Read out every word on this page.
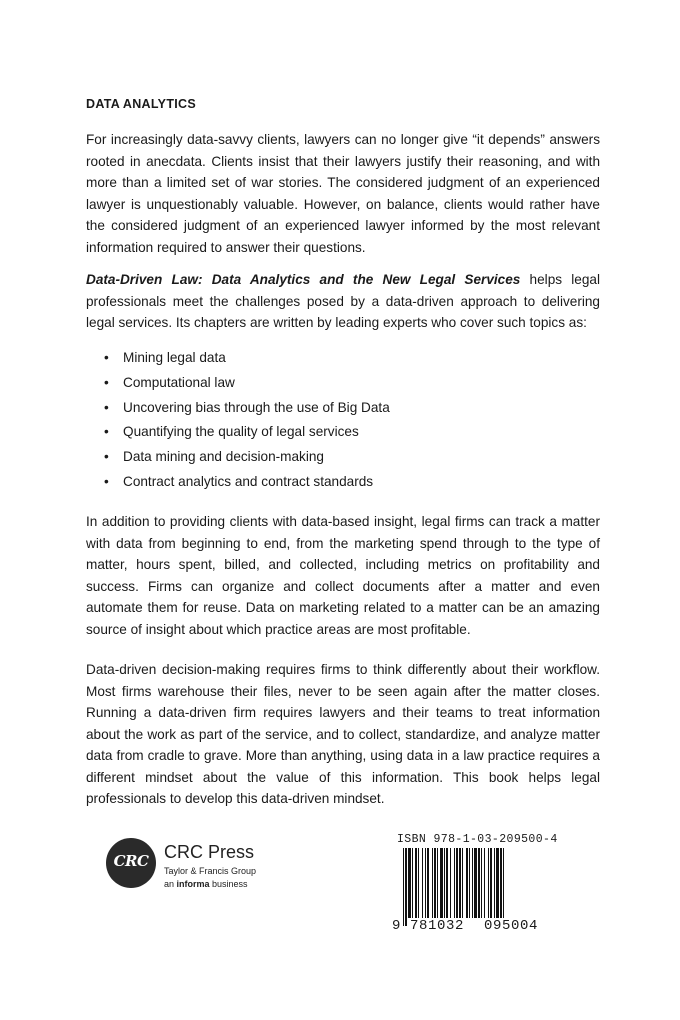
DATA ANALYTICS

For increasingly data-savvy clients, lawyers can no longer give “it depends” answers rooted in anecdata. Clients insist that their lawyers justify their reasoning, and with more than a limited set of war stories. The considered judgment of an experienced lawyer is unquestionably valuable. However, on balance, clients would rather have the considered judgment of an experienced lawyer informed by the most relevant information required to answer their questions.

Data-Driven Law: Data Analytics and the New Legal Services helps legal professionals meet the challenges posed by a data-driven approach to delivering legal services. Its chapters are written by leading experts who cover such topics as:

• Mining legal data
• Computational law
• Uncovering bias through the use of Big Data
• Quantifying the quality of legal services
• Data mining and decision-making
• Contract analytics and contract standards

In addition to providing clients with data-based insight, legal firms can track a matter with data from beginning to end, from the marketing spend through to the type of matter, hours spent, billed, and collected, including metrics on profitability and success. Firms can organize and collect documents after a matter and even automate them for reuse. Data on marketing related to a matter can be an amazing source of insight about which practice areas are most profitable.

Data-driven decision-making requires firms to think differently about their workflow. Most firms warehouse their files, never to be seen again after the matter closes. Running a data-driven firm requires lawyers and their teams to treat information about the work as part of the service, and to collect, standardize, and analyze matter data from cradle to grave. More than anything, using data in a law practice requires a different mindset about the value of this information. This book helps legal professionals to develop this data-driven mindset.

CRC CRC Press
Taylor & Francis Group
an informa business
ISBN 978-1-03-209500-4
9 781032 095004
